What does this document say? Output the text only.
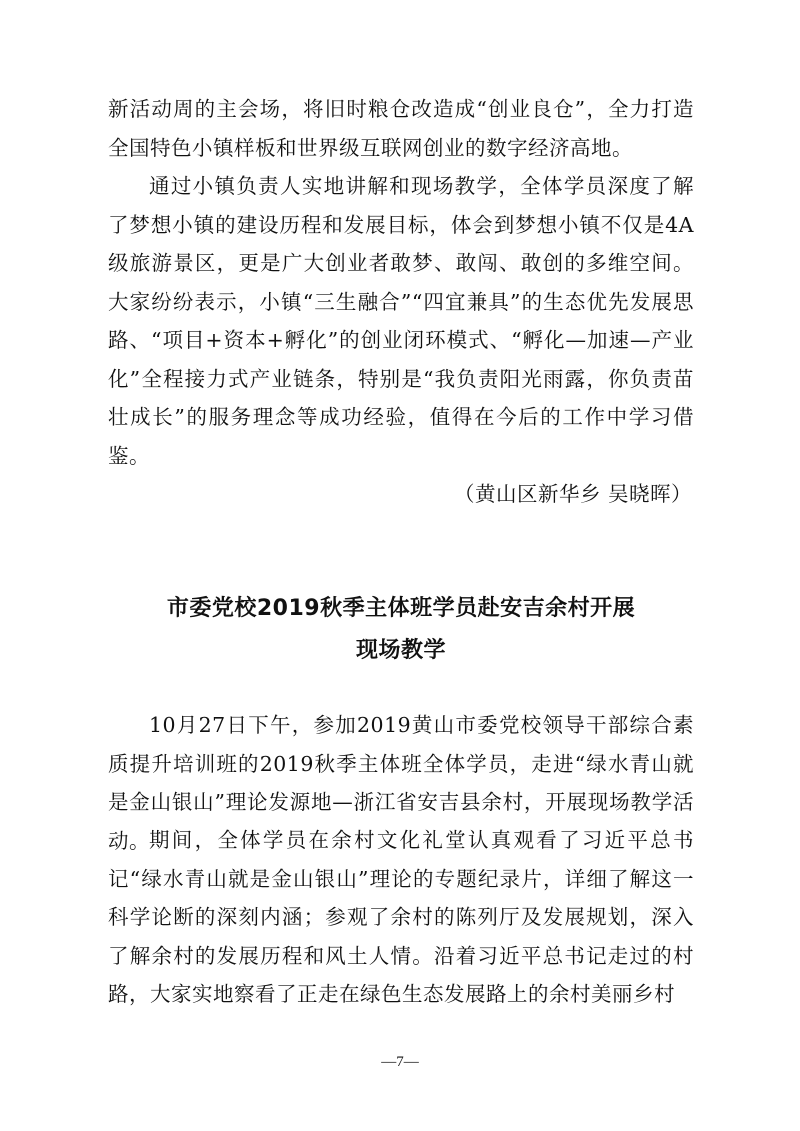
新活动周的主会场，将旧时粮仓改造成“创业良仓”，全力打造全国特色小镇样板和世界级互联网创业的数字经济高地。

通过小镇负责人实地讲解和现场教学，全体学员深度了解了梦想小镇的建设历程和发展目标，体会到梦想小镇不仅是4A级旅游景区，更是广大创业者敢梦、敢闯、敢创的多维空间。大家纷纷表示，小镇“三生融合”“四宜兼具”的生态优先发展思路、“项目+资本+孵化”的创业闭环模式、“孵化—加速—产业化”全程接力式产业链条，特别是“我负责阳光雨露，你负责苗壮成长”的服务理念等成功经验，值得在今后的工作中学习借鉴。

（黄山区新华乡 吴晓晖）

市委党校2019秋季主体班学员赴安吉余村开展
现场教学

10月27日下午，参加2019黄山市委党校领导干部综合素质提升培训班的2019秋季主体班全体学员，走进“绿水青山就是金山银山”理论发源地—浙江省安吉县余村，开展现场教学活动。 期间，全体学员在余村文化礼堂认真观看了习近平总书记“绿水青山就是金山银山”理论的专题纪录片，详细了解这一科学论断的深刻内涵；参观了余村的陈列厅及发展规划，深入了解余村的发展历程和风土人情。沿着习近平总书记走过的村路，大家实地察看了正走在绿色生态发展路上的余村美丽乡村

—7—
